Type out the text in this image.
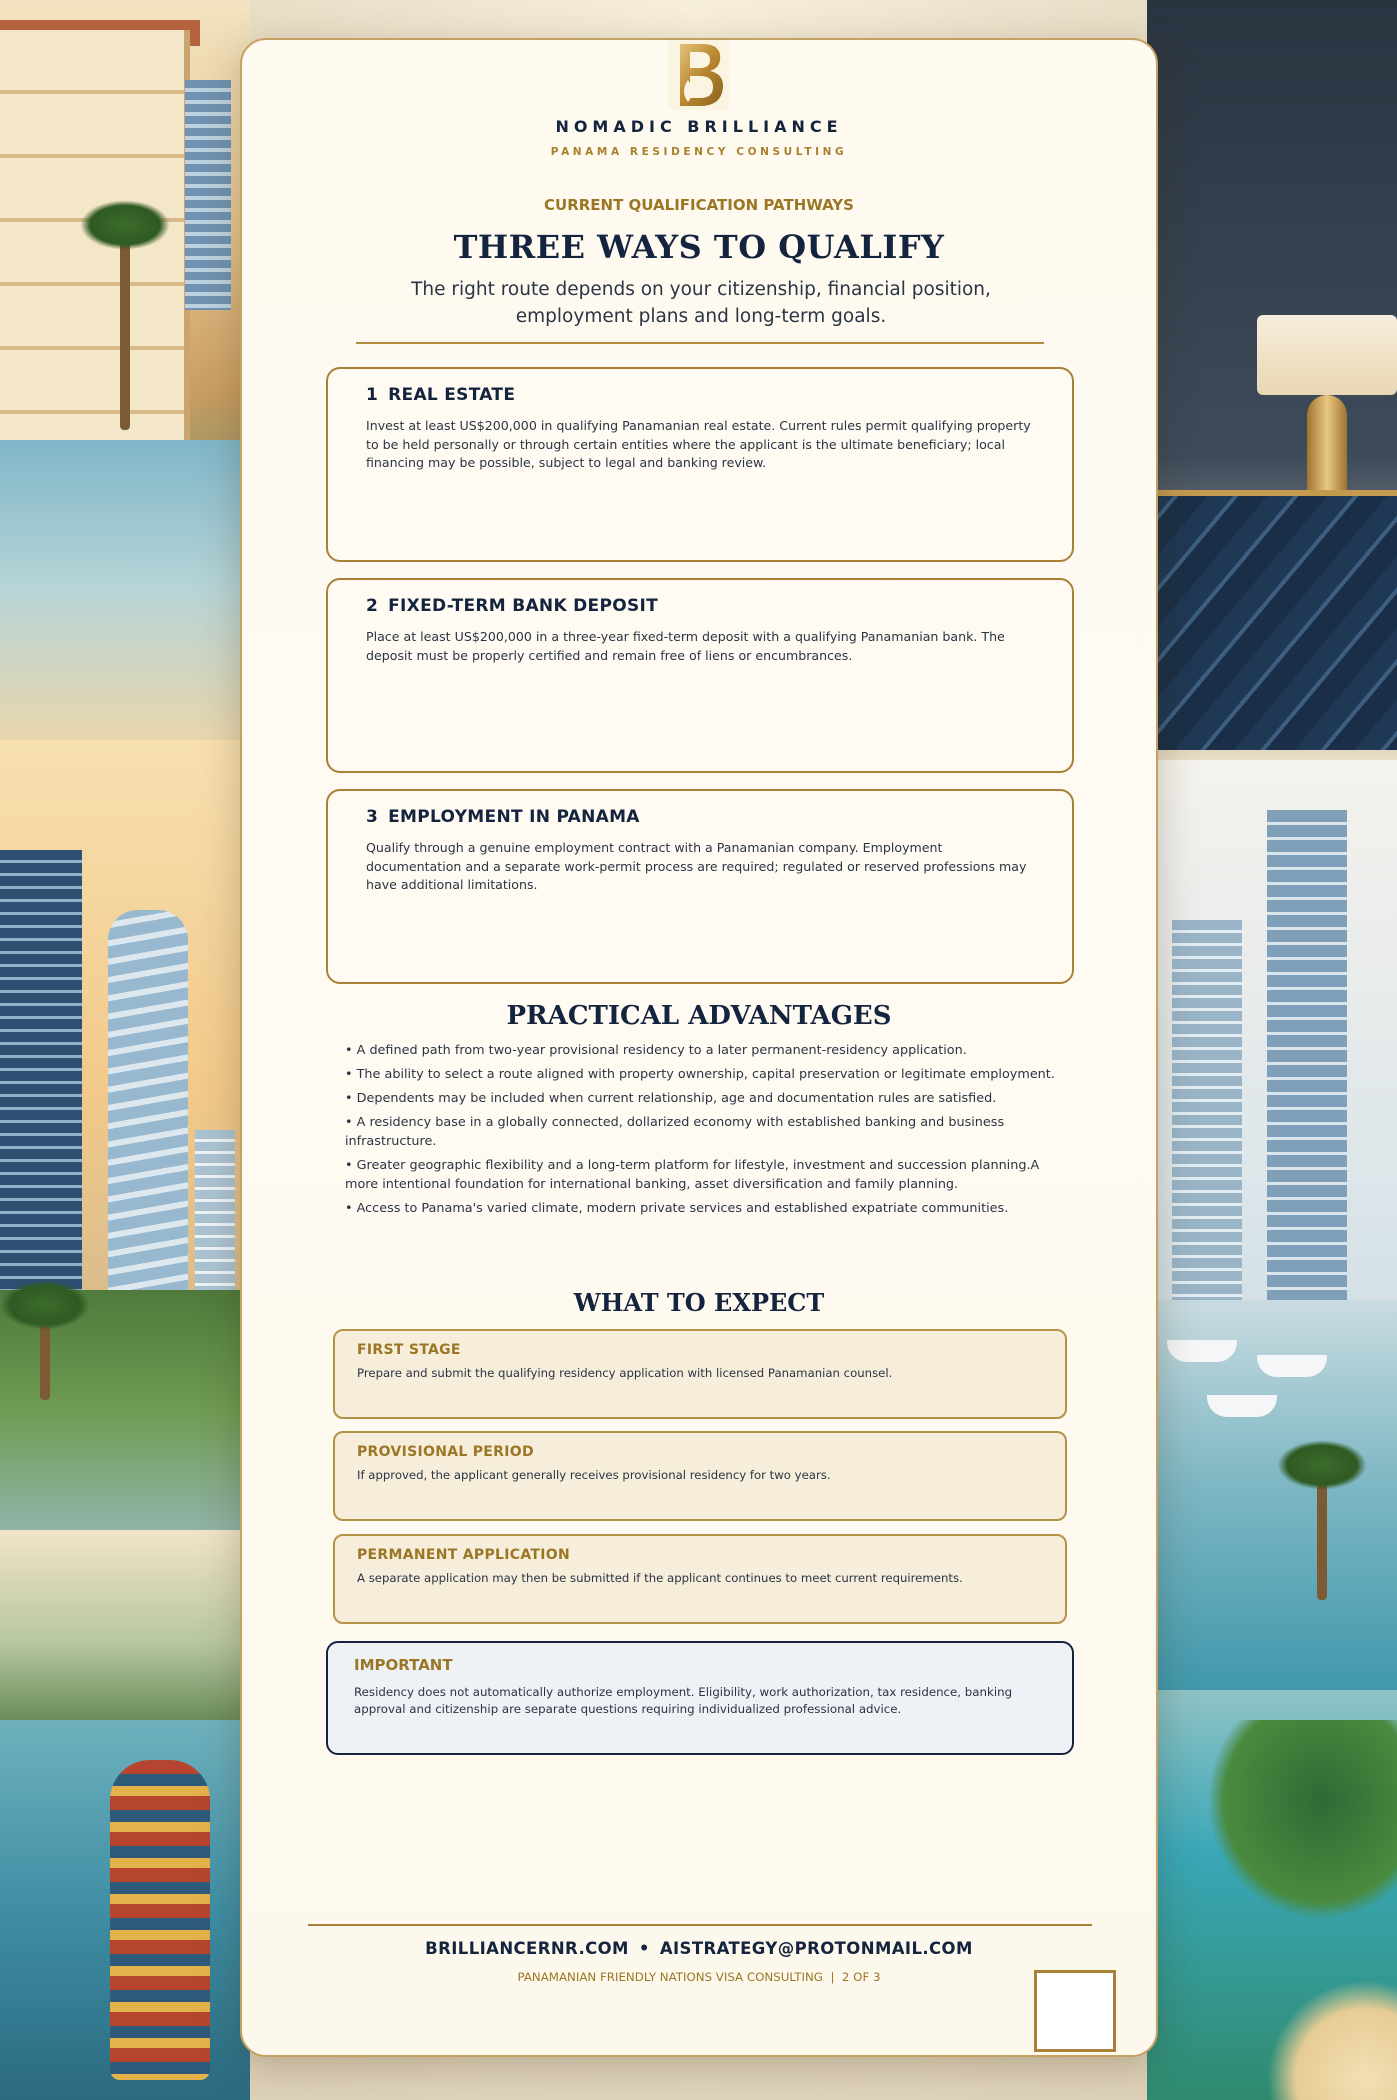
NOMADIC BRILLIANCE
PANAMA RESIDENCY CONSULTING
CURRENT QUALIFICATION PATHWAYS
THREE WAYS TO QUALIFY
The right route depends on your citizenship, financial position, employment plans and long-term goals.
1 REAL ESTATE
Invest at least US$200,000 in qualifying Panamanian real estate. Current rules permit qualifying property to be held personally or through certain entities where the applicant is the ultimate beneficiary; local financing may be possible, subject to legal and banking review.
2 FIXED-TERM BANK DEPOSIT
Place at least US$200,000 in a three-year fixed-term deposit with a qualifying Panamanian bank. The deposit must be properly certified and remain free of liens or encumbrances.
3 EMPLOYMENT IN PANAMA
Qualify through a genuine employment contract with a Panamanian company. Employment documentation and a separate work-permit process are required; regulated or reserved professions may have additional limitations.
PRACTICAL ADVANTAGES
• A defined path from two-year provisional residency to a later permanent-residency application.
• The ability to select a route aligned with property ownership, capital preservation or legitimate employment.
• Dependents may be included when current relationship, age and documentation rules are satisfied.
• A residency base in a globally connected, dollarized economy with established banking and business infrastructure.
• Greater geographic flexibility and a long-term platform for lifestyle, investment and succession planning.A more intentional foundation for international banking, asset diversification and family planning.
• Access to Panama's varied climate, modern private services and established expatriate communities.
WHAT TO EXPECT
FIRST STAGE
Prepare and submit the qualifying residency application with licensed Panamanian counsel.
PROVISIONAL PERIOD
If approved, the applicant generally receives provisional residency for two years.
PERMANENT APPLICATION
A separate application may then be submitted if the applicant continues to meet current requirements.
IMPORTANT
Residency does not automatically authorize employment. Eligibility, work authorization, tax residence, banking approval and citizenship are separate questions requiring individualized professional advice.
BRILLIANCERNR.COM • AISTRATEGY@PROTONMAIL.COM
PANAMANIAN FRIENDLY NATIONS VISA CONSULTING  |  2 OF 3
